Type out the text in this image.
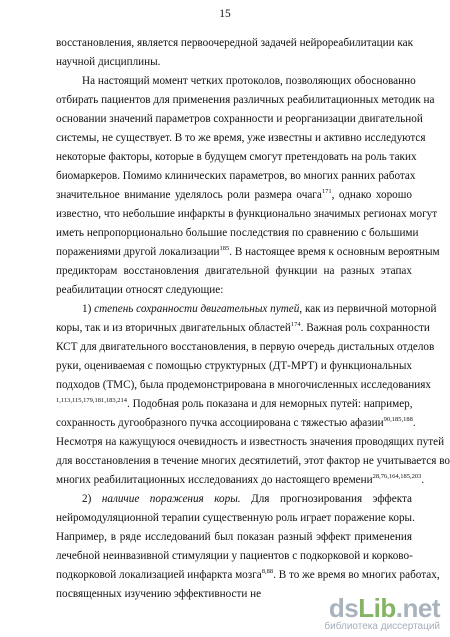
15
восстановления, является первоочередной задачей нейрореабилитации как
научной дисциплины.
На настоящий момент четких протоколов, позволяющих обоснованно
отбирать пациентов для применения различных реабилитационных методик на
основании значений параметров сохранности и реорганизации двигательной
системы, не существует. В то же время, уже известны и активно исследуются
некоторые факторы, которые в будущем смогут претендовать на роль таких
биомаркеров. Помимо клинических параметров, во многих ранних работах
значительное внимание уделялось роли размера очага$^{171}$, однако хорошо
известно, что небольшие инфаркты в функционально значимых регионах могут
иметь непропорционально большие последствия по сравнению с большими
поражениями другой локализации$^{185}$. В настоящее время к основным вероятным
предикторам восстановления двигательной функции на разных этапах
реабилитации относят следующие:
1) степень сохранности двигательных путей, как из первичной моторной
коры, так и из вторичных двигательных областей$^{174}$. Важная роль сохранности
КСТ для двигательного восстановления, в первую очередь дистальных отделов
руки, оцениваемая с помощью структурных (ДТ-МРТ) и функциональных
подходов (ТМС), была продемонстрирована в многочисленных исследованиях
$^{1,113,115,179,181,183,214}$. Подобная роль показана и для неморных путей: например,
сохранность дугообразного пучка ассоциирована с тяжестью афазии$^{90,185,188}$.
Несмотря на кажущуюся очевидность и известность значения проводящих путей
для восстановления в течение многих десятилетий, этот фактор не учитывается во
многих реабилитационных исследованиях до настоящего времени$^{28,76,164,185,203}$.
2) наличие поражения коры. Для прогнозирования эффекта
нейромодуляционной терапии существенную роль играет поражение коры.
Например, в ряде исследований был показан разный эффект применения
лечебной неинвазивной стимуляции у пациентов с подкорковой и корково-
подкорковой локализацией инфаркта мозга$^{8,88}$. В то же время во многих работах,
посвященных изучению эффективности не	dsLib.net
библиотека диссертаций
